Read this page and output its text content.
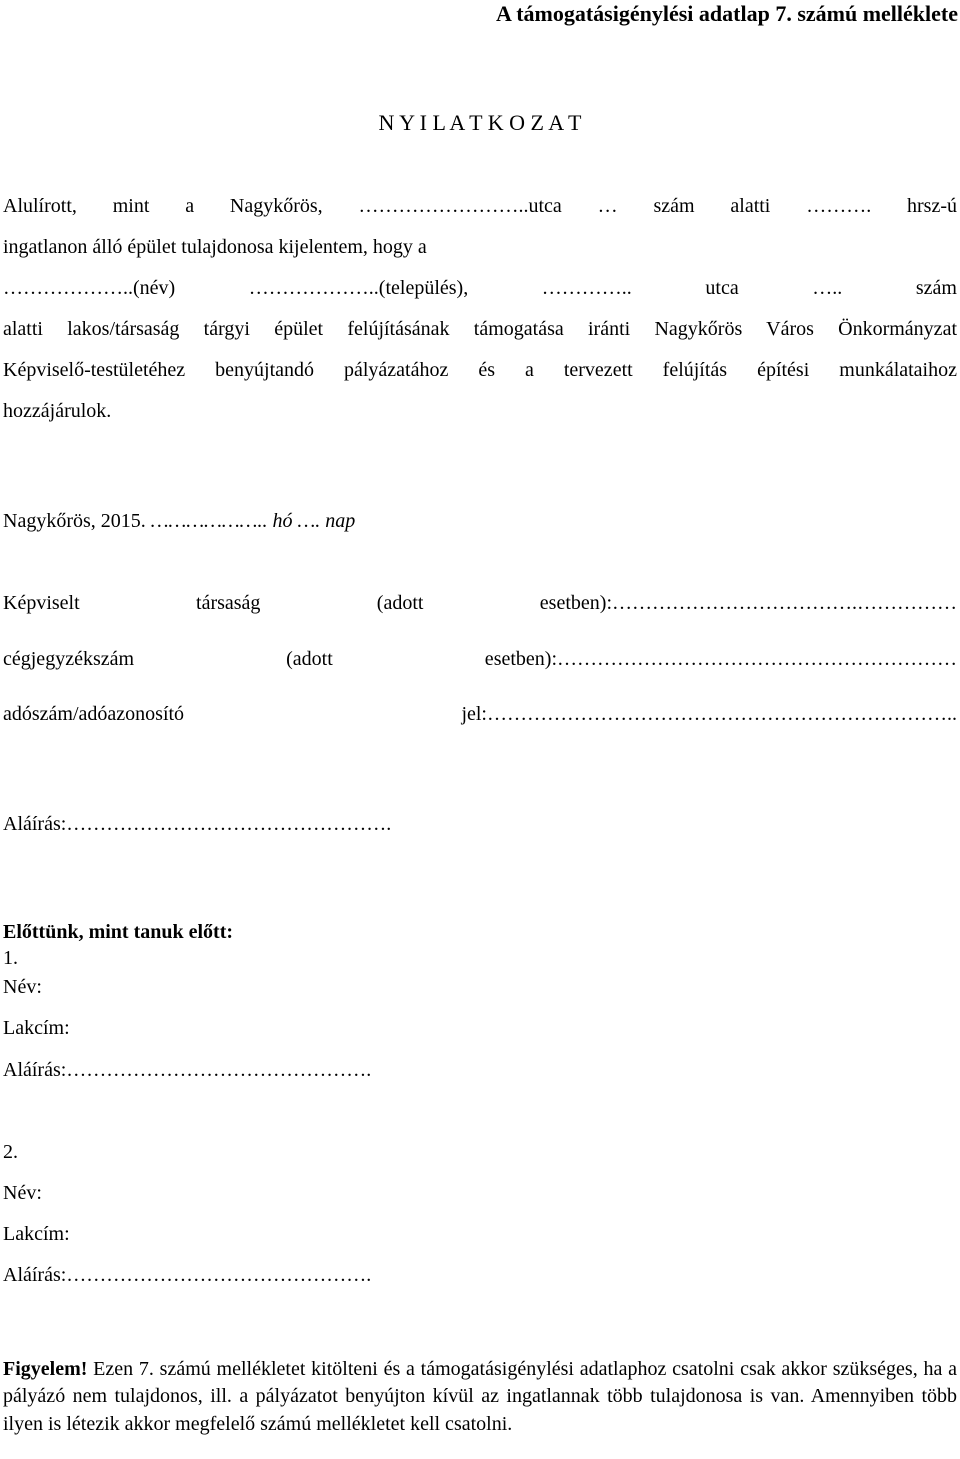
A támogatásigénylési adatlap 7. számú melléklete
N Y I L A T K O Z A T
Alulírott, mint a Nagykőrös, ……………………..utca … szám alatti ………. hrsz-ú
ingatlanon álló épület tulajdonosa kijelentem, hogy a
………………..(név) ………………..(település), ………….. utca ….. szám
alatti lakos/társaság tárgyi épület felújításának támogatása iránti Nagykőrös Város Önkormányzat
Képviselő-testületéhez benyújtandó pályázatához és a tervezett felújítás építési munkálataihoz
hozzájárulok.
Nagykőrös, 2015. ……………….. hó …. nap
Képviselt társaság (adott esetben):……………………………….……………
cégjegyzékszám (adott esetben):……………………………………………………
adószám/adóazonosító jel:……………………………………………………………..
Aláírás:………………………………………….
Előttünk, mint tanuk előtt:
1.
Név:
Lakcím:
Aláírás:……………………………………….
2.
Név:
Lakcím:
Aláírás:……………………………………….

Figyelem! Ezen 7. számú mellékletet kitölteni és a támogatásigénylési adatlaphoz csatolni csak akkor szükséges, ha a pályázó nem tulajdonos, ill. a pályázatot benyújton kívül az ingatlannak több tulajdonosa is van. Amennyiben több ilyen is létezik akkor megfelelő számú mellékletet kell csatolni.
